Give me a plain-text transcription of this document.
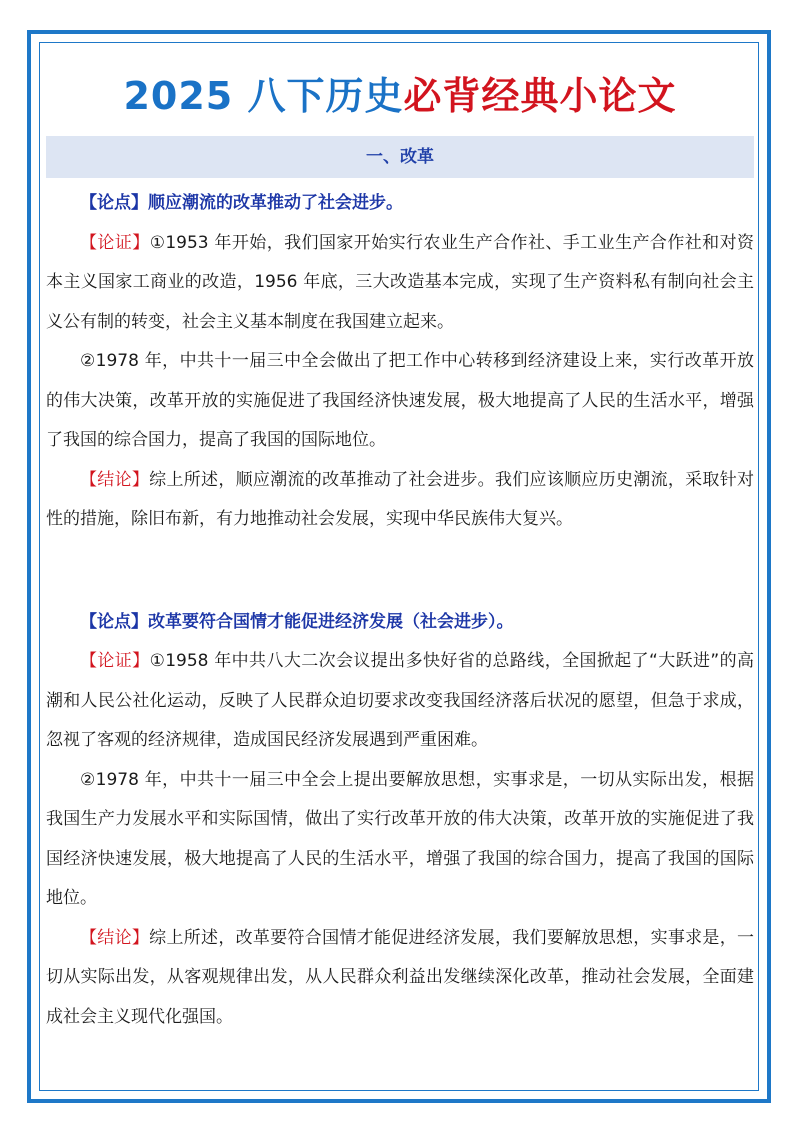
2025 八下历史必背经典小论文
一、改革

【论点】顺应潮流的改革推动了社会进步。

【论证】①1953 年开始，我们国家开始实行农业生产合作社、手工业生产合作社和对资本主义国家工商业的改造，1956 年底，三大改造基本完成，实现了生产资料私有制向社会主义公有制的转变，社会主义基本制度在我国建立起来。

②1978 年，中共十一届三中全会做出了把工作中心转移到经济建设上来，实行改革开放的伟大决策，改革开放的实施促进了我国经济快速发展，极大地提高了人民的生活水平，增强了我国的综合国力，提高了我国的国际地位。

【结论】综上所述，顺应潮流的改革推动了社会进步。我们应该顺应历史潮流，采取针对性的措施，除旧布新，有力地推动社会发展，实现中华民族伟大复兴。

【论点】改革要符合国情才能促进经济发展（社会进步）。

【论证】①1958 年中共八大二次会议提出多快好省的总路线，全国掀起了“大跃进”的高潮和人民公社化运动，反映了人民群众迫切要求改变我国经济落后状况的愿望，但急于求成，忽视了客观的经济规律，造成国民经济发展遇到严重困难。

②1978 年，中共十一届三中全会上提出要解放思想，实事求是，一切从实际出发，根据我国生产力发展水平和实际国情，做出了实行改革开放的伟大决策，改革开放的实施促进了我国经济快速发展，极大地提高了人民的生活水平，增强了我国的综合国力，提高了我国的国际地位。

【结论】综上所述，改革要符合国情才能促进经济发展，我们要解放思想，实事求是，一切从实际出发，从客观规律出发，从人民群众利益出发继续深化改革，推动社会发展，全面建成社会主义现代化强国。
